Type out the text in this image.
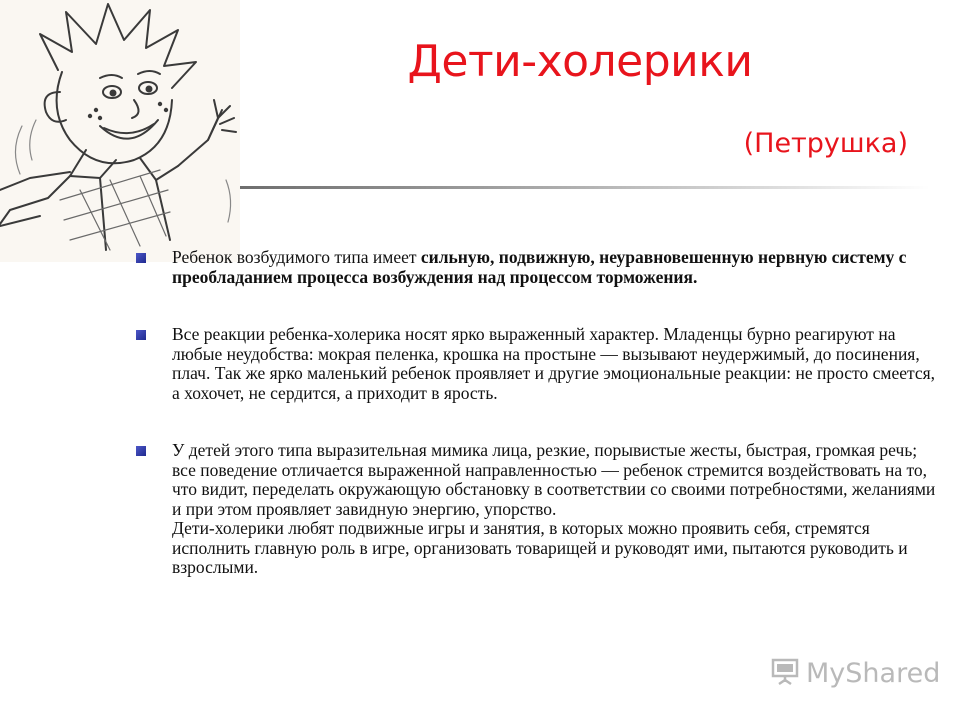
Дети-холерики
(Петрушка)
Ребенок возбудимого типа имеет сильную, подвижную, неуравновешенную нервную систему с преобладанием процесса возбуждения над процессом торможения.
Все реакции ребенка-холерика носят ярко выраженный характер. Младенцы бурно реагируют на любые неудобства: мокрая пеленка, крошка на простыне — вызывают неудержимый, до посинения, плач. Так же ярко маленький ребенок проявляет и другие эмоциональные реакции: не просто смеется, а хохочет, не сердится, а приходит в ярость.
У детей этого типа выразительная мимика лица, резкие, порывистые жесты, быстрая, громкая речь; все поведение отличается выраженной направленностью — ребенок стремится воздействовать на то, что видит, переделать окружающую обстановку в соответствии со своими потребностями, желаниями и при этом проявляет завидную энергию, упорство.
Дети-холерики любят подвижные игры и занятия, в которых можно проявить себя, стремятся исполнить главную роль в игре, организовать товарищей и руководят ими, пытаются руководить и взрослыми.
MyShared
